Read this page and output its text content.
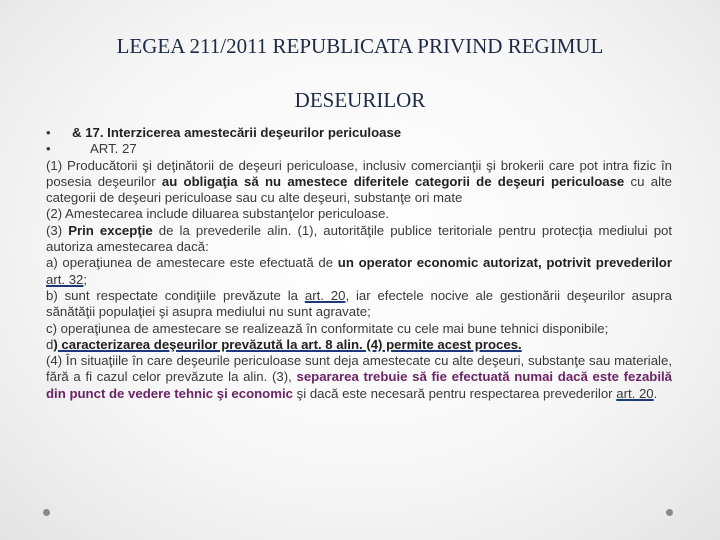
LEGEA 211/2011 REPUBLICATA PRIVIND REGIMUL
DESEURILOR

• & 17. Interzicerea amestecării deşeurilor periculoase

•	ART. 27

(1) Producătorii şi deţinătorii de deşeuri periculoase, inclusiv comercianţii şi brokerii care pot intra fizic în posesia deşeurilor au obligaţia să nu amestece diferitele categorii de deşeuri periculoase cu alte categorii de deşeuri periculoase sau cu alte deşeuri, substanţe ori mate

(2) Amestecarea include diluarea substanţelor periculoase.

(3) Prin excepţie de la prevederile alin. (1), autorităţile publice teritoriale pentru protecţia mediului pot autoriza amestecarea dacă:

a) operaţiunea de amestecare este efectuată de un operator economic autorizat, potrivit prevederilor art. 32;

b) sunt respectate condiţiile prevăzute la art. 20, iar efectele nocive ale gestionării deşeurilor asupra sănătăţii populaţiei şi asupra mediului nu sunt agravate;

c) operaţiunea de amestecare se realizează în conformitate cu cele mai bune tehnici disponibile;

d) caracterizarea deşeurilor prevăzută la art. 8 alin. (4) permite acest proces.

(4) În situaţiile în care deşeurile periculoase sunt deja amestecate cu alte deşeuri, substanţe sau materiale, fără a fi cazul celor prevăzute la alin. (3), separarea trebuie să fie efectuată numai dacă este fezabilă din punct de vedere tehnic şi economic şi dacă este necesară pentru respectarea prevederilor art. 20.
